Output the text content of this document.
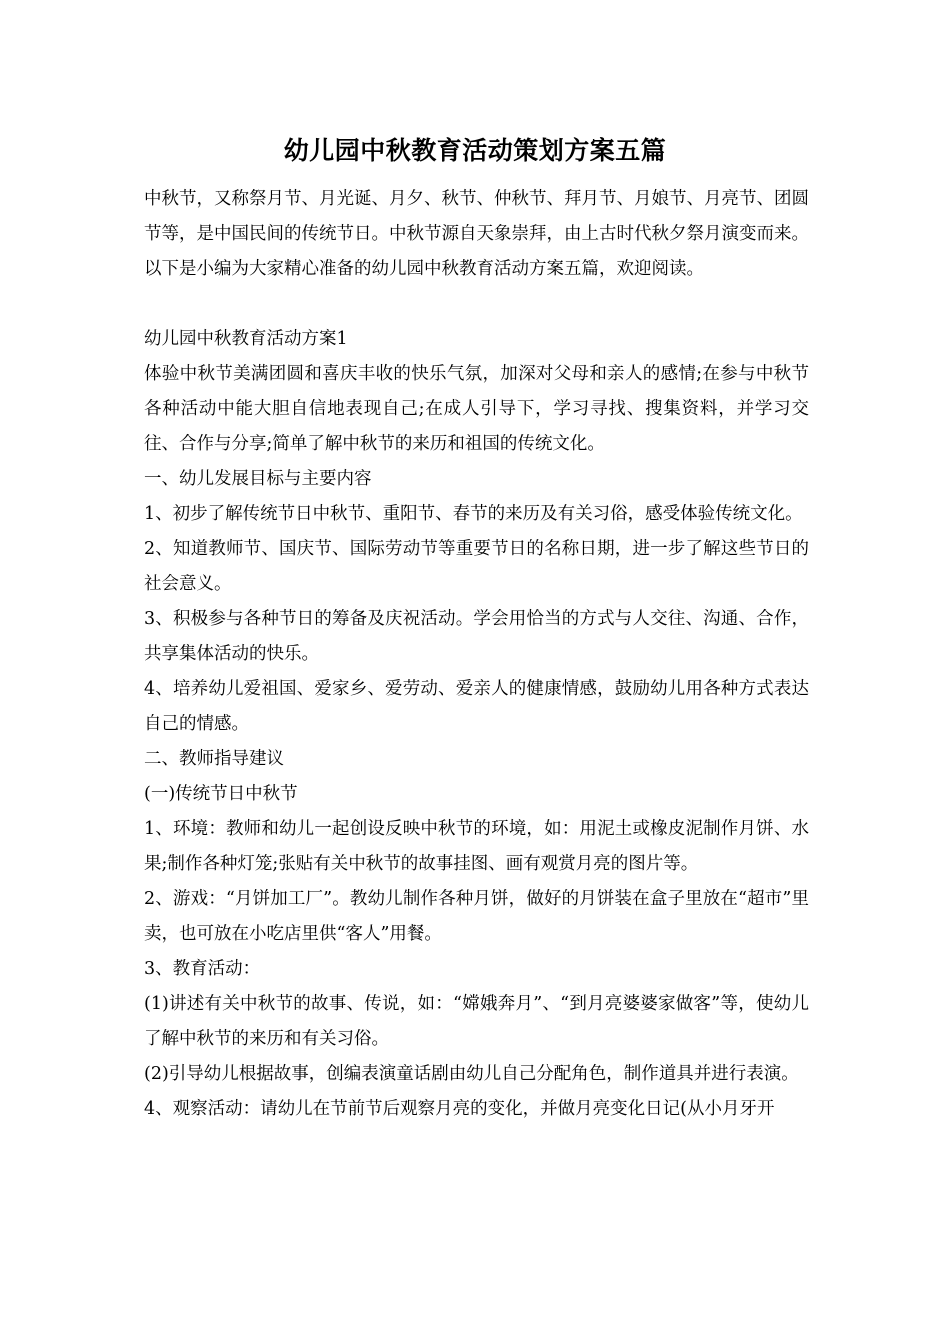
幼儿园中秋教育活动策划方案五篇

中秋节，又称祭月节、月光诞、月夕、秋节、仲秋节、拜月节、月娘节、月亮节、团圆节等，是中国民间的传统节日。中秋节源自天象崇拜，由上古时代秋夕祭月演变而来。以下是小编为大家精心准备的幼儿园中秋教育活动方案五篇，欢迎阅读。

幼儿园中秋教育活动方案1

体验中秋节美满团圆和喜庆丰收的快乐气氛，加深对父母和亲人的感情;在参与中秋节各种活动中能大胆自信地表现自己;在成人引导下，学习寻找、搜集资料，并学习交往、合作与分享;简单了解中秋节的来历和祖国的传统文化。

一、幼儿发展目标与主要内容

1、初步了解传统节日中秋节、重阳节、春节的来历及有关习俗，感受体验传统文化。

2、知道教师节、国庆节、国际劳动节等重要节日的名称日期，进一步了解这些节日的社会意义。

3、积极参与各种节日的筹备及庆祝活动。学会用恰当的方式与人交往、沟通、合作，共享集体活动的快乐。

4、培养幼儿爱祖国、爱家乡、爱劳动、爱亲人的健康情感，鼓励幼儿用各种方式表达自己的情感。

二、教师指导建议

(一)传统节日中秋节

1、环境：教师和幼儿一起创设反映中秋节的环境，如：用泥土或橡皮泥制作月饼、水果;制作各种灯笼;张贴有关中秋节的故事挂图、画有观赏月亮的图片等。

2、游戏：“月饼加工厂”。教幼儿制作各种月饼，做好的月饼装在盒子里放在“超市”里卖，也可放在小吃店里供“客人”用餐。

3、教育活动：

(1)讲述有关中秋节的故事、传说，如：“嫦娥奔月”、“到月亮婆婆家做客”等，使幼儿了解中秋节的来历和有关习俗。

(2)引导幼儿根据故事，创编表演童话剧由幼儿自己分配角色，制作道具并进行表演。

4、观察活动：请幼儿在节前节后观察月亮的变化，并做月亮变化日记(从小月牙开
